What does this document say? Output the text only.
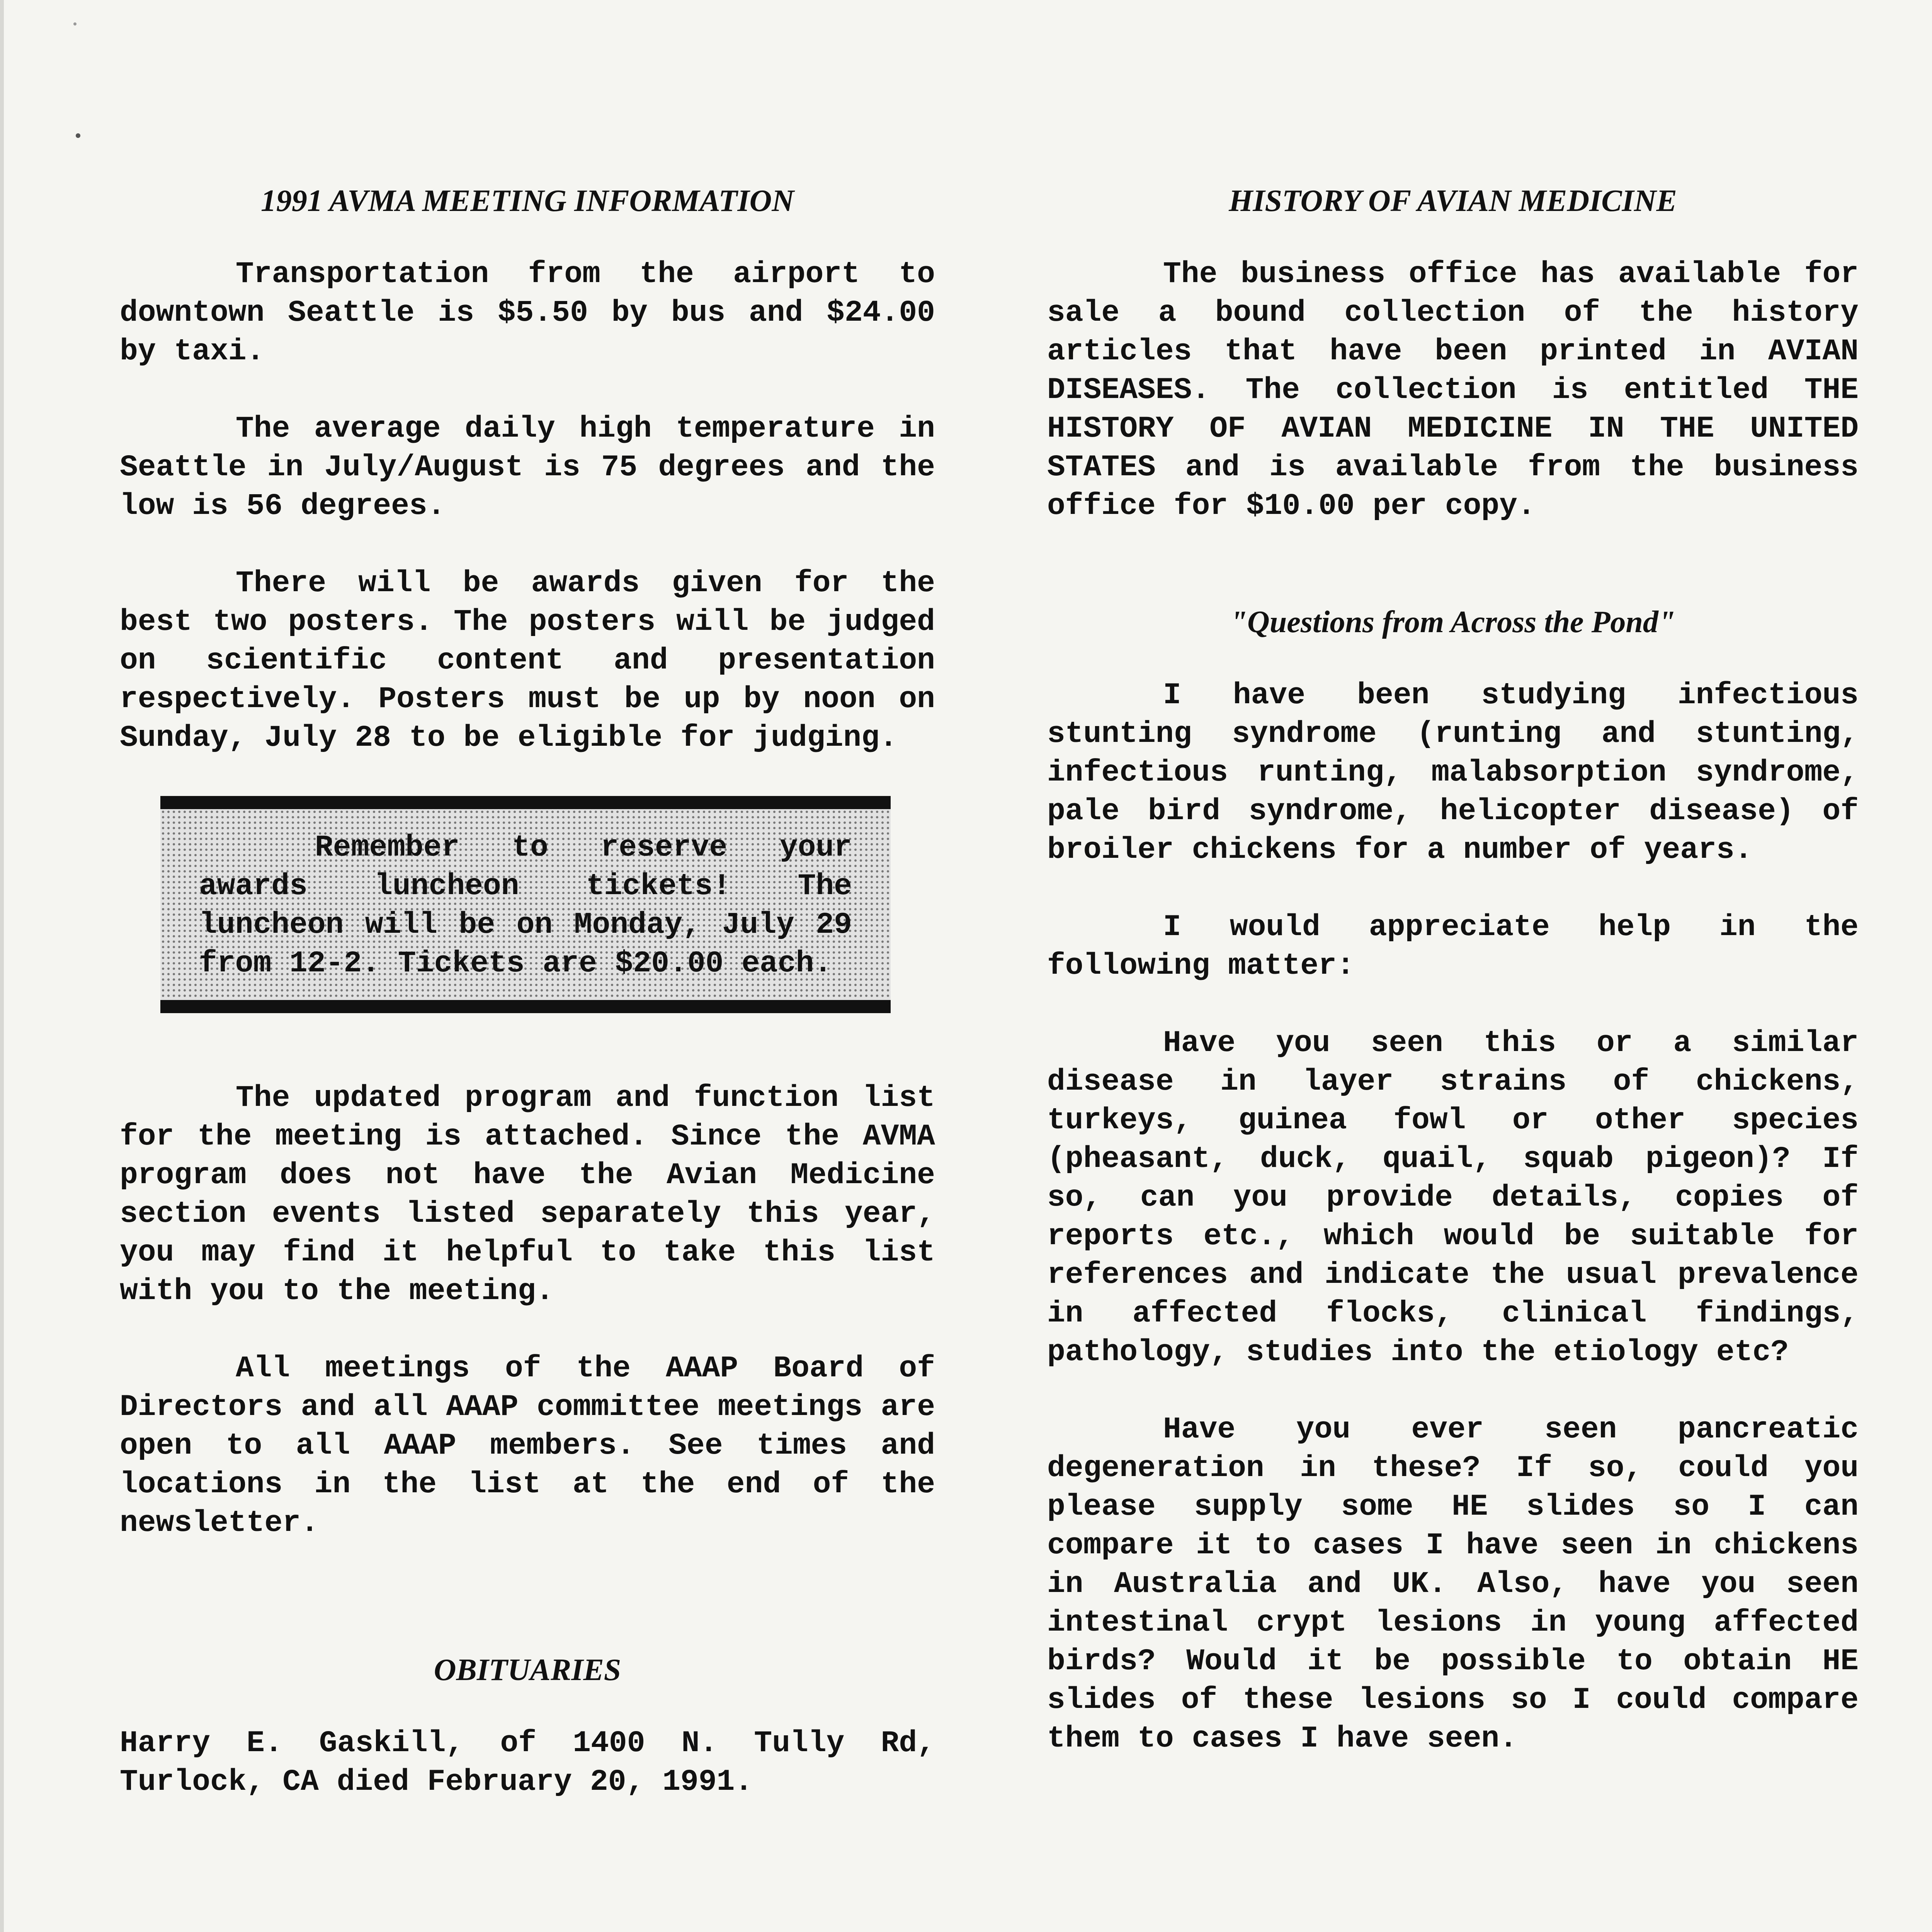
1991 AVMA MEETING INFORMATION

Transportation from the airport to downtown Seattle is $5.50 by bus and $24.00 by taxi.

The average daily high temperature in Seattle in July/August is 75 degrees and the low is 56 degrees.

There will be awards given for the best two posters. The posters will be judged on scientific content and presentation respectively. Posters must be up by noon on Sunday, July 28 to be eligible for judging.

Remember to reserve your awards luncheon tickets! The luncheon will be on Monday, July 29 from 12-2. Tickets are $20.00 each.

The updated program and function list for the meeting is attached. Since the AVMA program does not have the Avian Medicine section events listed separately this year, you may find it helpful to take this list with you to the meeting.

All meetings of the AAAP Board of Directors and all AAAP committee meetings are open to all AAAP members. See times and locations in the list at the end of the newsletter.

OBITUARIES

Harry E. Gaskill, of 1400 N. Tully Rd, Turlock, CA died February 20, 1991.

HISTORY OF AVIAN MEDICINE

The business office has available for sale a bound collection of the history articles that have been printed in AVIAN DISEASES. The collection is entitled THE HISTORY OF AVIAN MEDICINE IN THE UNITED STATES and is available from the business office for $10.00 per copy.

"Questions from Across the Pond"

I have been studying infectious stunting syndrome (runting and stunting, infectious runting, malabsorption syndrome, pale bird syndrome, helicopter disease) of broiler chickens for a number of years.

I would appreciate help in the following matter:

Have you seen this or a similar disease in layer strains of chickens, turkeys, guinea fowl or other species (pheasant, duck, quail, squab pigeon)? If so, can you provide details, copies of reports etc., which would be suitable for references and indicate the usual prevalence in affected flocks, clinical findings, pathology, studies into the etiology etc?

Have you ever seen pancreatic degeneration in these? If so, could you please supply some HE slides so I can compare it to cases I have seen in chickens in Australia and UK. Also, have you seen intestinal crypt lesions in young affected birds? Would it be possible to obtain HE slides of these lesions so I could compare them to cases I have seen.
